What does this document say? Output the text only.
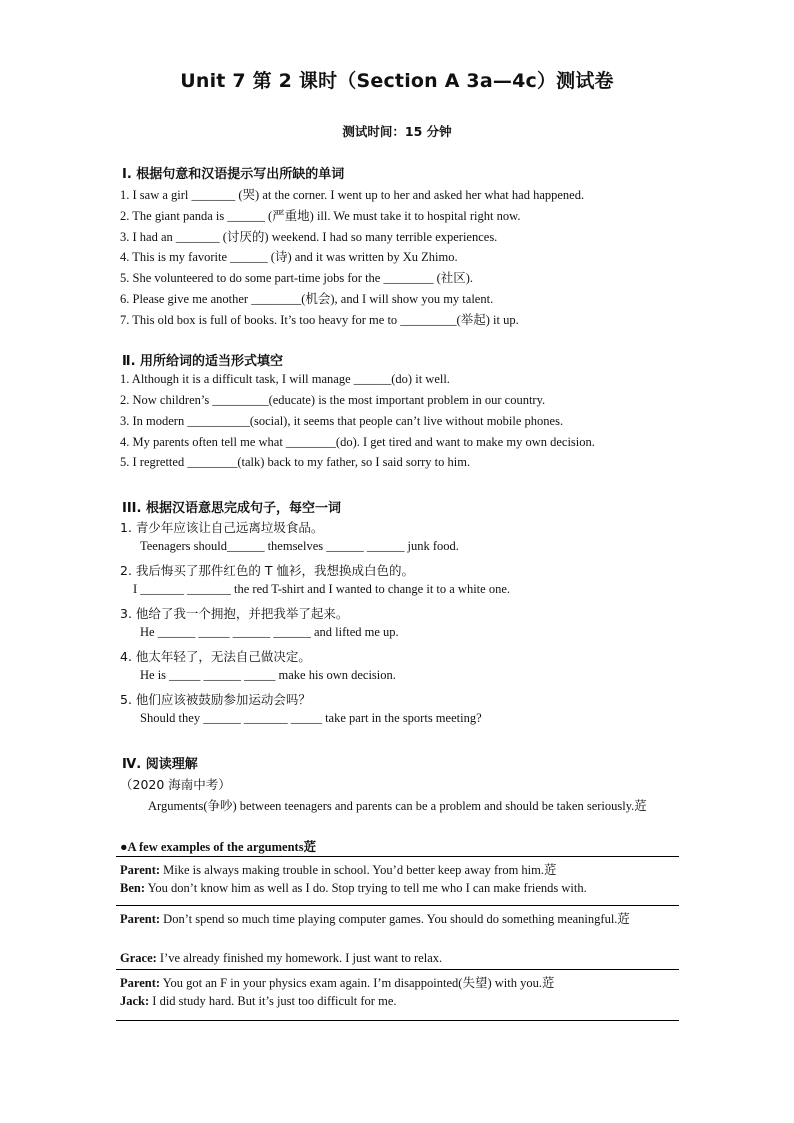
Unit 7 第 2 课时（Section A 3a—4c）测试卷
测试时间：15 分钟
Ⅰ. 根据句意和汉语提示写出所缺的单词
1. I saw a girl _______ (哭) at the corner. I went up to her and asked her what had happened.
2. The giant panda is ______ (严重地) ill. We must take it to hospital right now.
3. I had an _______ (讨厌的) weekend. I had so many terrible experiences.
4. This is my favorite ______ (诗) and it was written by Xu Zhimo.
5. She volunteered to do some part-time jobs for the ________ (社区).
6. Please give me another ________(机会), and I will show you my talent.
7. This old box is full of books. It’s too heavy for me to _________(举起) it up.
Ⅱ. 用所给词的适当形式填空
1. Although it is a difficult task, I will manage ______(do) it well.
2. Now children’s _________(educate) is the most important problem in our country.
3. In modern __________(social), it seems that people can’t live without mobile phones.
4. My parents often tell me what ________(do). I get tired and want to make my own decision.
5. I regretted ________(talk) back to my father, so I said sorry to him.
III. 根据汉语意思完成句子，每空一词
1. 青少年应该让自己远离垃圾食品。
Teenagers should______ themselves ______ ______ junk food.
2. 我后悔买了那件红色的 T 恤衫，我想换成白色的。
I _______ _______ the red T-shirt and I wanted to change it to a white one.
3. 他给了我一个拥抱，并把我举了起来。
He ______ _____ ______ ______ and lifted me up.
4. 他太年轻了，无法自己做决定。
He is _____ ______ _____ make his own decision.
5. 他们应该被鼓励参加运动会吗？
Should they ______ _______ _____ take part in the sports meeting?
Ⅳ. 阅读理解
（2020 海南中考）
Arguments(争吵) between teenagers and parents can be a problem and should be taken seriously.菦
●A few examples of the arguments菦
Parent: Mike is always making trouble in school. You’d better keep away from him.菦
Ben: You don’t know him as well as I do. Stop trying to tell me who I can make friends with.
Parent: Don’t spend so much time playing computer games. You should do something meaningful.菦
Grace: I’ve already finished my homework. I just want to relax.
Parent: You got an F in your physics exam again. I’m disappointed(失望) with you.菦
Jack: I did study hard. But it’s just too difficult for me.
